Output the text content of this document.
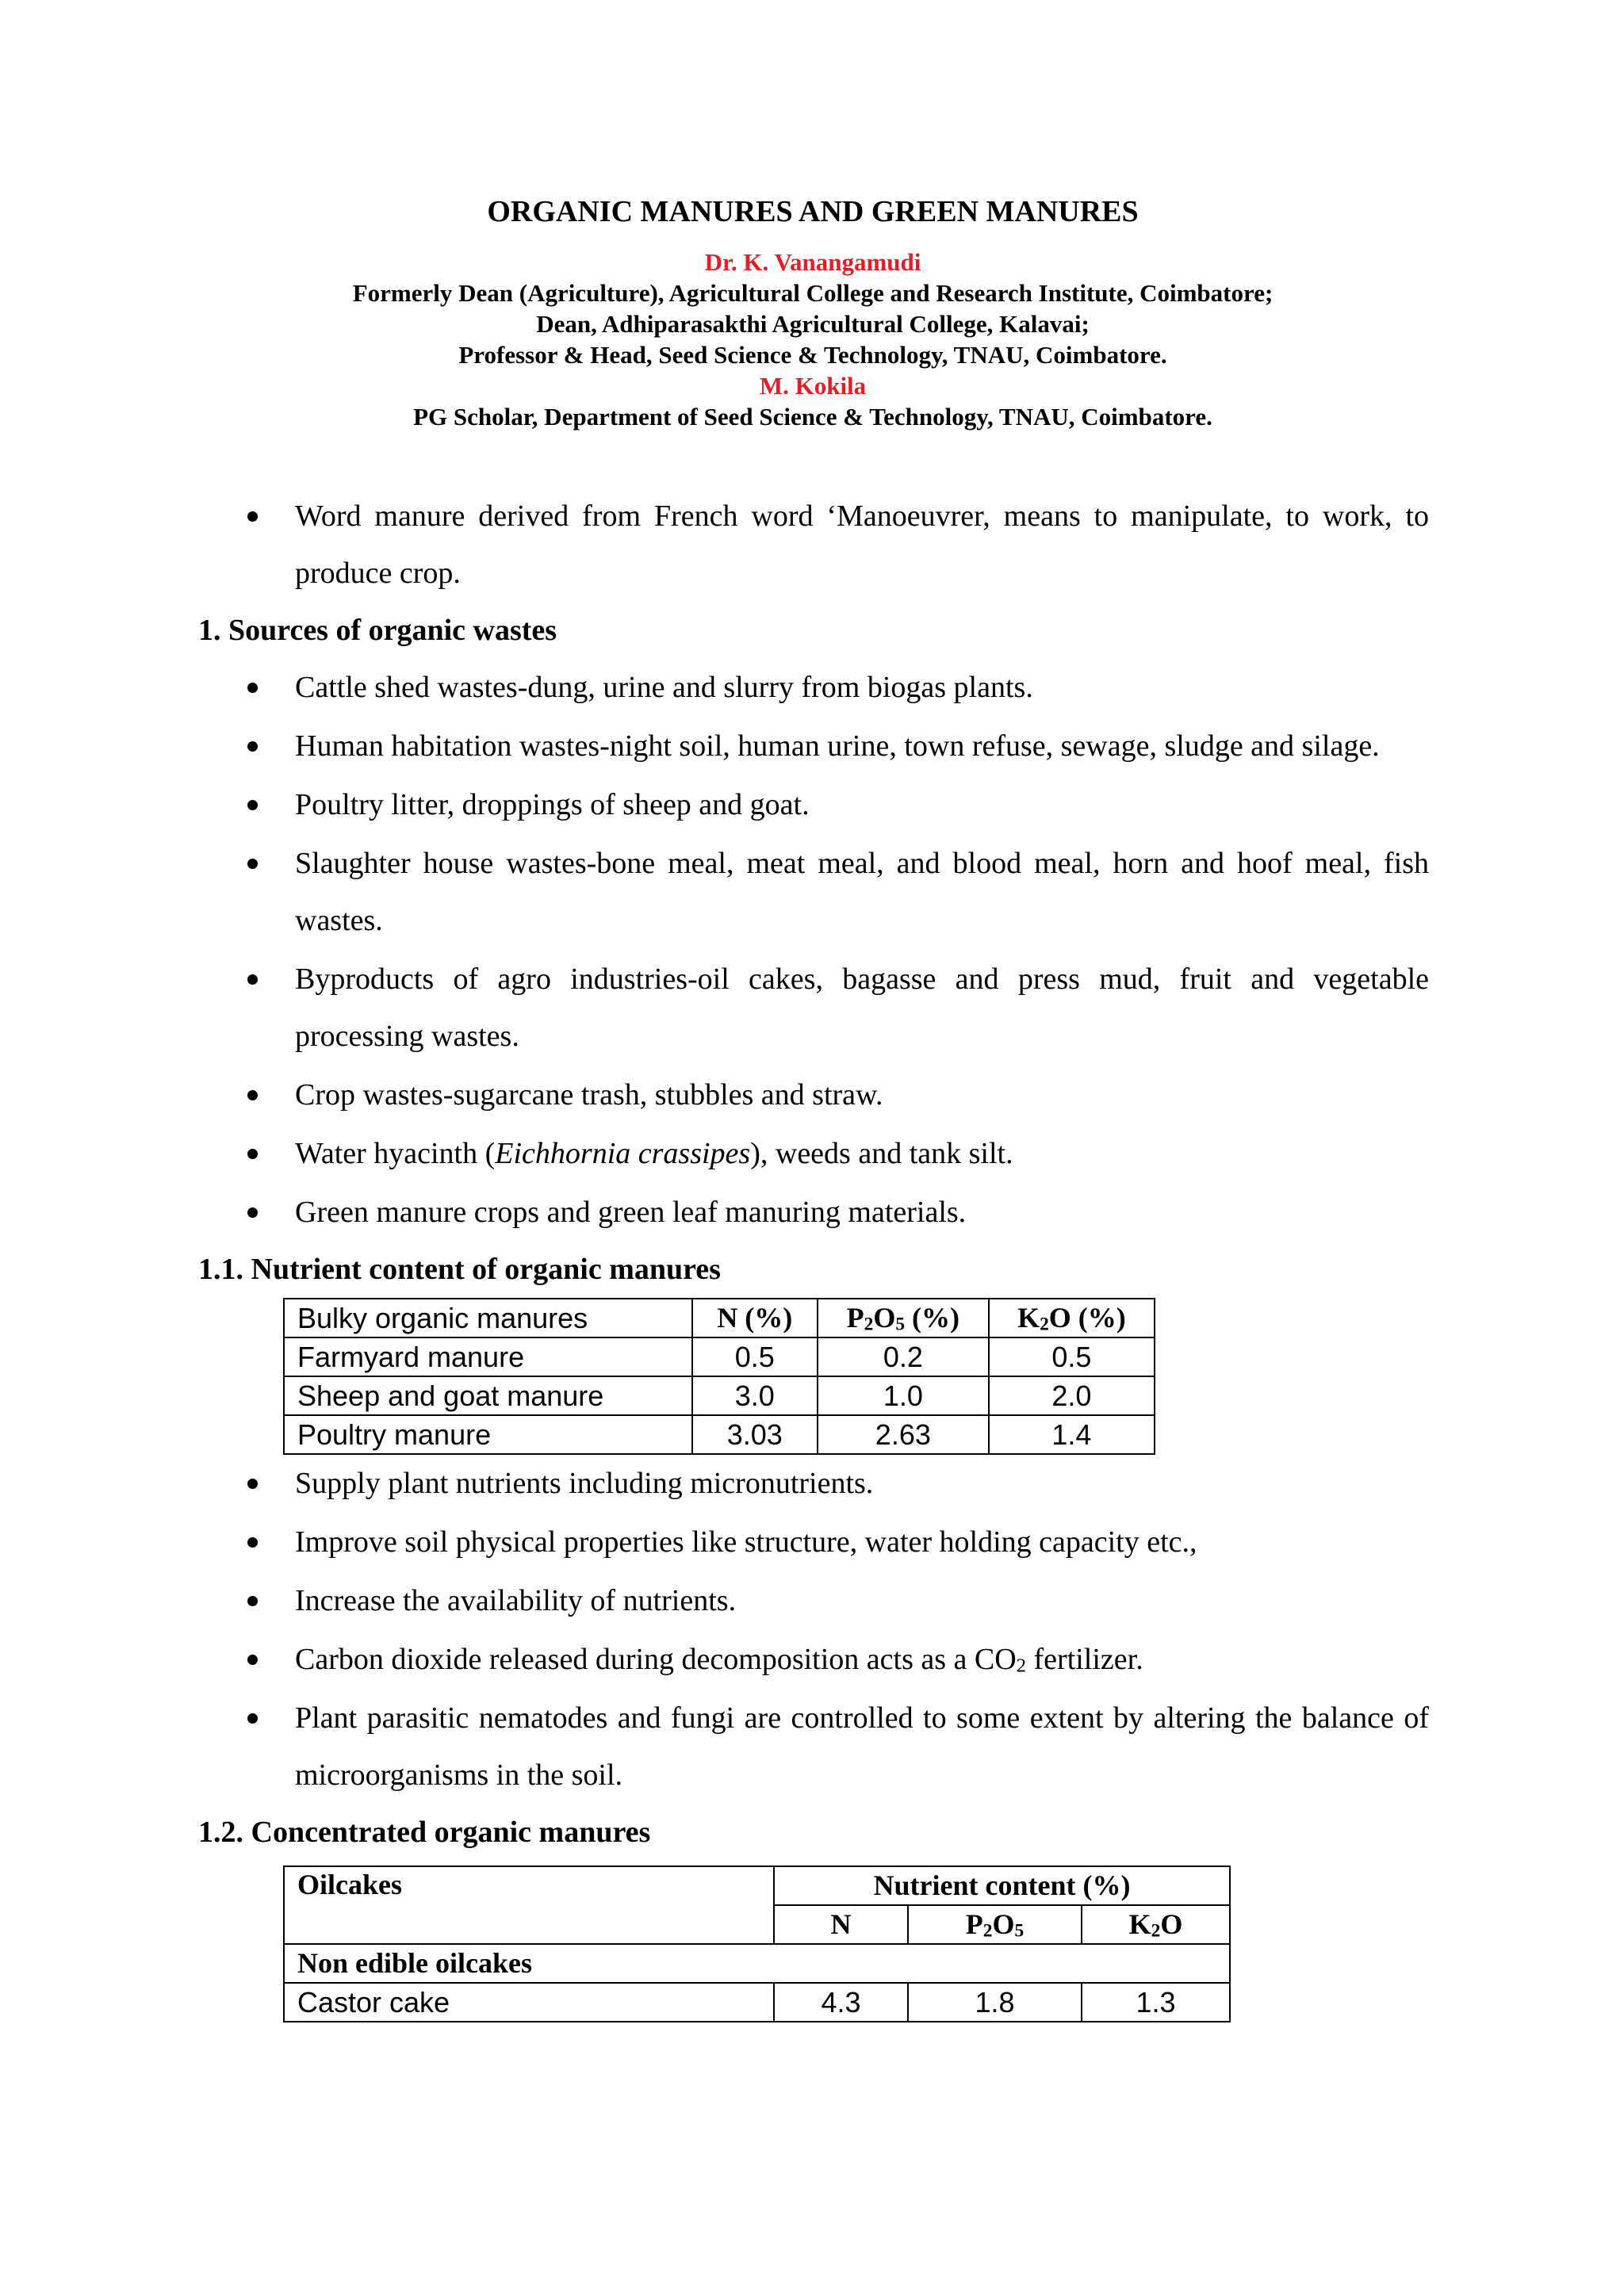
ORGANIC MANURES AND GREEN MANURES

Dr. K. Vanangamudi

Formerly Dean (Agriculture), Agricultural College and Research Institute, Coimbatore;

Dean, Adhiparasakthi Agricultural College, Kalavai;

Professor & Head, Seed Science & Technology, TNAU, Coimbatore.

M. Kokila

PG Scholar, Department of Seed Science & Technology, TNAU, Coimbatore.

Word manure derived from French word ‘Manoeuvrer, means to manipulate, to work, to produce crop.

1. Sources of organic wastes

Cattle shed wastes-dung, urine and slurry from biogas plants.
Human habitation wastes-night soil, human urine, town refuse, sewage, sludge and silage.
Poultry litter, droppings of sheep and goat.
Slaughter house wastes-bone meal, meat meal, and blood meal, horn and hoof meal, fish wastes.
Byproducts of agro industries-oil cakes, bagasse and press mud, fruit and vegetable processing wastes.
Crop wastes-sugarcane trash, stubbles and straw.
Water hyacinth (Eichhornia crassipes), weeds and tank silt.
Green manure crops and green leaf manuring materials.

1.1. Nutrient content of organic manures

Bulky organic manures	N (%)	$P_2O_5$ (%)	$K_2O$ (%)
Farmyard manure	0.5	0.2	0.5
Sheep and goat manure	3.0	1.0	2.0
Poultry manure	3.03	2.63	1.4
Supply plant nutrients including micronutrients.
Improve soil physical properties like structure, water holding capacity etc.,
Increase the availability of nutrients.
Carbon dioxide released during decomposition acts as a $CO_2$ fertilizer.
Plant parasitic nematodes and fungi are controlled to some extent by altering the balance of microorganisms in the soil.

1.2. Concentrated organic manures

Oilcakes	Nutrient content (%)		
	N	$P_2O_5$	$K_2O$
Non edible oilcakes			
Castor cake	4.3	1.8	1.3
